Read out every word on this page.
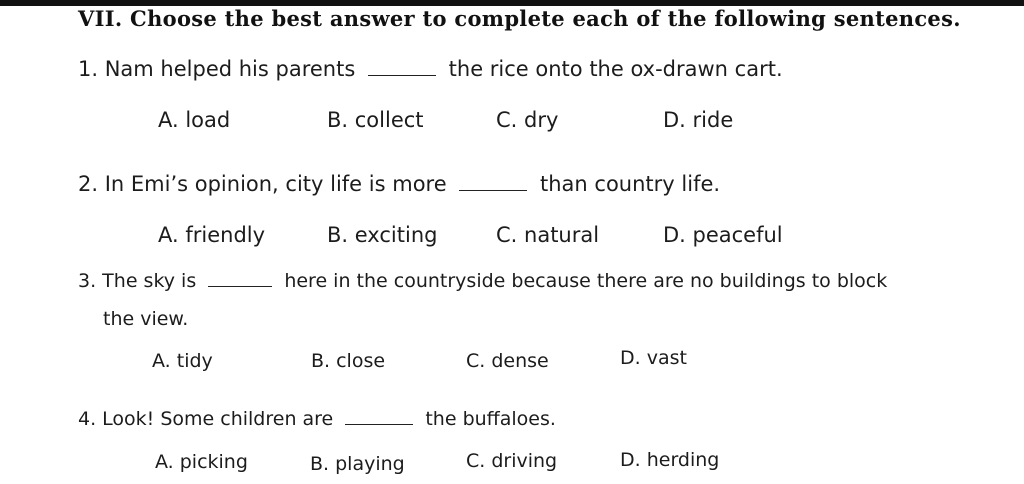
VII. Choose the best answer to complete each of the following sentences.
1. Nam helped his parents	the rice onto the ox-drawn cart.
A. load	B. collect	C. dry	D. ride
2. In Emi’s opinion, city life is more	than country life.
A. friendly	B. exciting	C. natural	D. peaceful
3. The sky is	here in the countryside because there are no buildings to block
the view.
A. tidy	B. close	C. dense	D. vast
4. Look! Some children are	the buffaloes.
A. picking	B. playing	C. driving	D. herding
